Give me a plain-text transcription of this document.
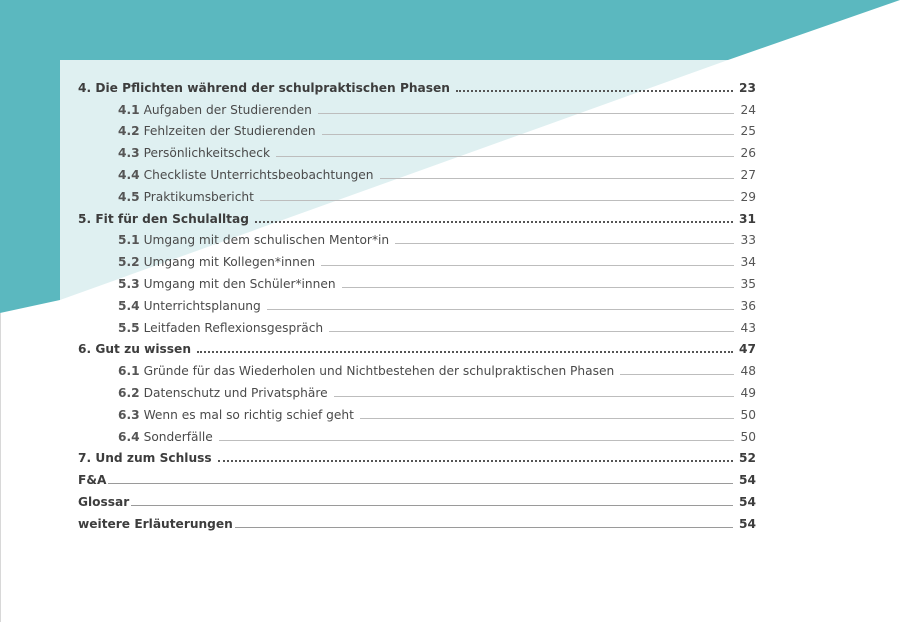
4. Die Pflichten während der schulpraktischen Phasen	23
4.1 Aufgaben der Studierenden	24
4.2 Fehlzeiten der Studierenden	25
4.3 Persönlichkeitscheck	26
4.4 Checkliste Unterrichtsbeobachtungen	27
4.5 Praktikumsbericht	29
5. Fit für den Schulalltag	31
5.1 Umgang mit dem schulischen Mentor*in	33
5.2 Umgang mit Kollegen*innen	34
5.3 Umgang mit den Schüler*innen	35
5.4 Unterrichtsplanung	36
5.5 Leitfaden Reflexionsgespräch	43
6. Gut zu wissen	47
6.1 Gründe für das Wiederholen und Nichtbestehen der schulpraktischen Phasen	48
6.2 Datenschutz und Privatsphäre	49
6.3 Wenn es mal so richtig schief geht	50
6.4 Sonderfälle	50
7. Und zum Schluss	52
F&A	54
Glossar	54
weitere Erläuterungen	54
